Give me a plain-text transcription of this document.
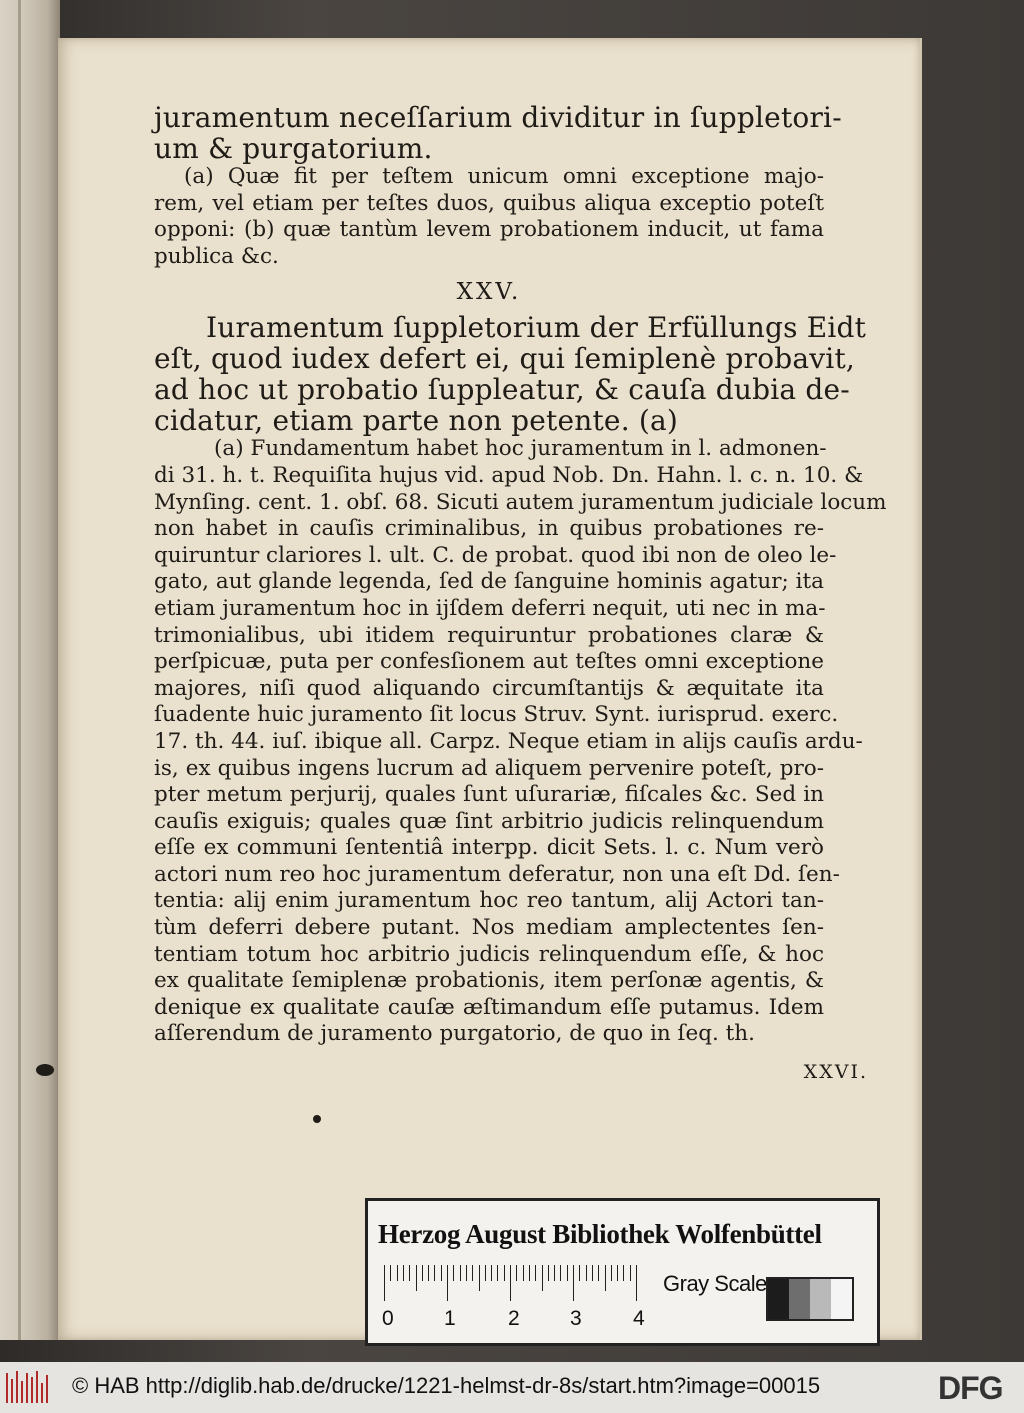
juramentum neceſſarium dividitur in ſuppletori-
um & purgatorium.
(a) Quæ fit per teſtem unicum omni exceptione majo-
rem, vel etiam per teſtes duos, quibus aliqua exceptio poteſt
opponi: (b) quæ tantùm levem probationem inducit, ut fama
publica &c.
XXV.
Iuramentum ſuppletorium der Erfüllungs Eidt
eſt, quod iudex defert ei, qui ſemiplenè probavit,
ad hoc ut probatio ſuppleatur, & cauſa dubia de-
cidatur, etiam parte non petente. (a)
(a) Fundamentum habet hoc juramentum in l. admonen-
di 31. h. t. Requiſita hujus vid. apud Nob. Dn. Hahn. l. c. n. 10. &
Mynſing. cent. 1. obſ. 68. Sicuti autem juramentum judiciale locum
non habet in cauſis criminalibus, in quibus probationes re-
quiruntur clariores l. ult. C. de probat. quod ibi non de oleo le-
gato, aut glande legenda, ſed de ſanguine hominis agatur; ita
etiam juramentum hoc in ijſdem deferri nequit, uti nec in ma-
trimonialibus, ubi itidem requiruntur probationes claræ &
perſpicuæ, puta per confesſionem aut teſtes omni exceptione
majores, niſi quod aliquando circumſtantijs & æquitate ita
ſuadente huic juramento ſit locus Struv. Synt. iurisprud. exerc.
17. th. 44. iuſ. ibique all. Carpz. Neque etiam in alijs cauſis ardu-
is, ex quibus ingens lucrum ad aliquem pervenire poteſt, pro-
pter metum perjurij, quales ſunt uſurariæ, fiſcales &c. Sed in
cauſis exiguis; quales quæ ſint arbitrio judicis relinquendum
eſſe ex communi ſententiâ interpp. dicit Sets. l. c. Num verò
actori num reo hoc juramentum deferatur, non una eſt Dd. ſen-
tentia: alij enim juramentum hoc reo tantum, alij Actori tan-
tùm deferri debere putant. Nos mediam amplectentes ſen-
tentiam totum hoc arbitrio judicis relinquendum eſſe, & hoc
ex qualitate ſemiplenæ probationis, item perſonæ agentis, &
denique ex qualitate cauſæ æſtimandum eſſe putamus. Idem
aſſerendum de juramento purgatorio, de quo in ſeq. th.
XXVI.
Herzog August Bibliothek Wolfenbüttel
0 1 2 3 4
Gray Scale
© HAB http://diglib.hab.de/drucke/1221-helmst-dr-8s/start.htm?image=00015	DFG
